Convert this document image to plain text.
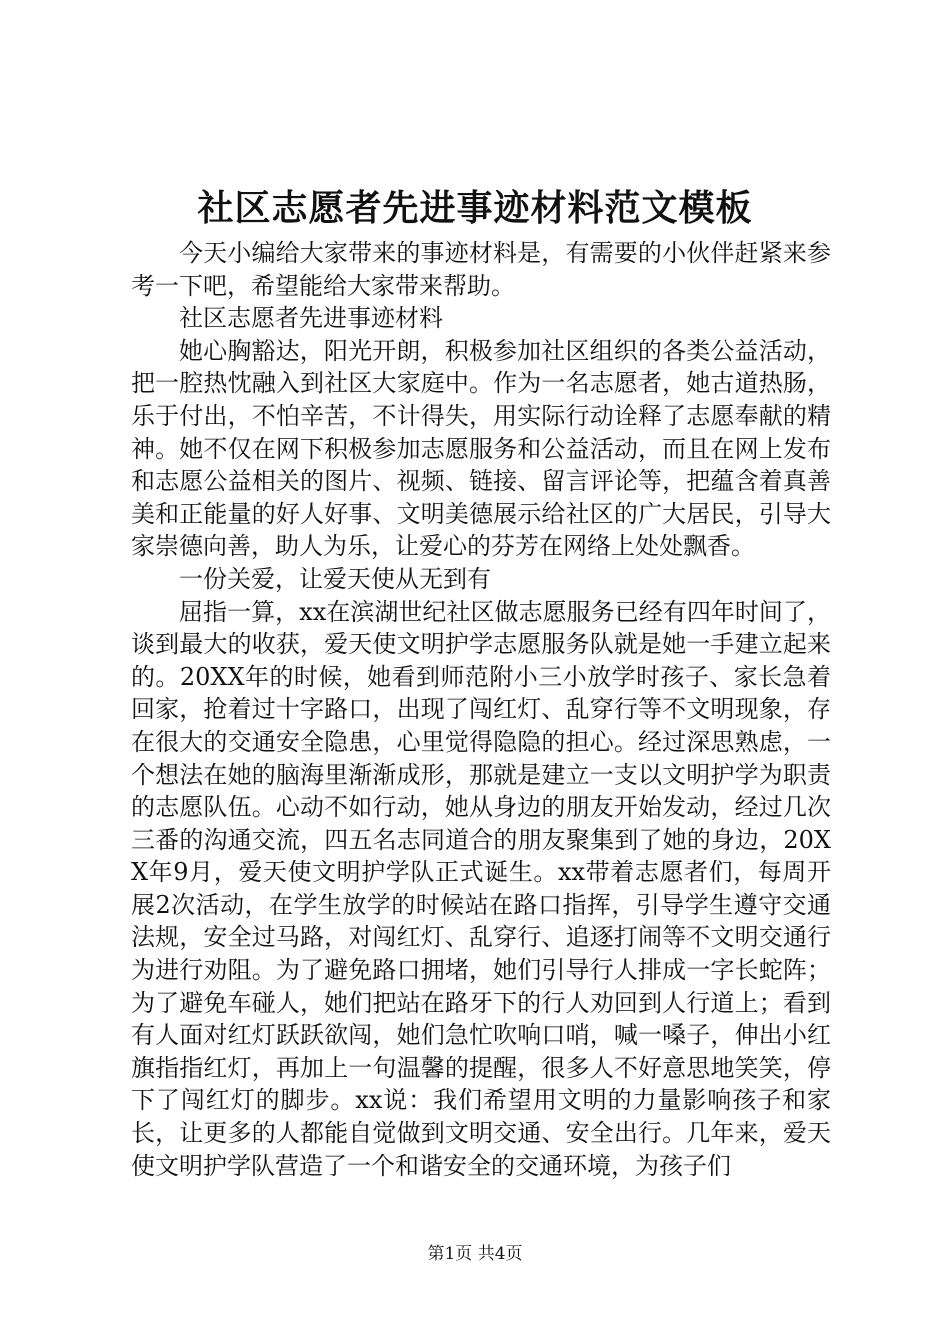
社区志愿者先进事迹材料范文模板

今天小编给大家带来的事迹材料是，有需要的小伙伴赶紧来参考一下吧，希望能给大家带来帮助。

社区志愿者先进事迹材料

她心胸豁达，阳光开朗，积极参加社区组织的各类公益活动，把一腔热忱融入到社区大家庭中。作为一名志愿者，她古道热肠，乐于付出，不怕辛苦，不计得失，用实际行动诠释了志愿奉献的精神。她不仅在网下积极参加志愿服务和公益活动，而且在网上发布和志愿公益相关的图片、视频、链接、留言评论等，把蕴含着真善美和正能量的好人好事、文明美德展示给社区的广大居民，引导大家崇德向善，助人为乐，让爱心的芬芳在网络上处处飘香。

一份关爱，让爱天使从无到有

屈指一算，xx在滨湖世纪社区做志愿服务已经有四年时间了，谈到最大的收获，爱天使文明护学志愿服务队就是她一手建立起来的。20XX年的时候，她看到师范附小三小放学时孩子、家长急着回家，抢着过十字路口，出现了闯红灯、乱穿行等不文明现象，存在很大的交通安全隐患，心里觉得隐隐的担心。经过深思熟虑，一个想法在她的脑海里渐渐成形，那就是建立一支以文明护学为职责的志愿队伍。心动不如行动，她从身边的朋友开始发动，经过几次三番的沟通交流，四五名志同道合的朋友聚集到了她的身边，20XX年9月，爱天使文明护学队正式诞生。xx带着志愿者们，每周开展2次活动，在学生放学的时候站在路口指挥，引导学生遵守交通法规，安全过马路，对闯红灯、乱穿行、追逐打闹等不文明交通行为进行劝阻。为了避免路口拥堵，她们引导行人排成一字长蛇阵；为了避免车碰人，她们把站在路牙下的行人劝回到人行道上；看到有人面对红灯跃跃欲闯，她们急忙吹响口哨，喊一嗓子，伸出小红旗指指红灯，再加上一句温馨的提醒，很多人不好意思地笑笑，停下了闯红灯的脚步。xx说：我们希望用文明的力量影响孩子和家长，让更多的人都能自觉做到文明交通、安全出行。几年来，爱天使文明护学队营造了一个和谐安全的交通环境，为孩子们

第1页 共4页
